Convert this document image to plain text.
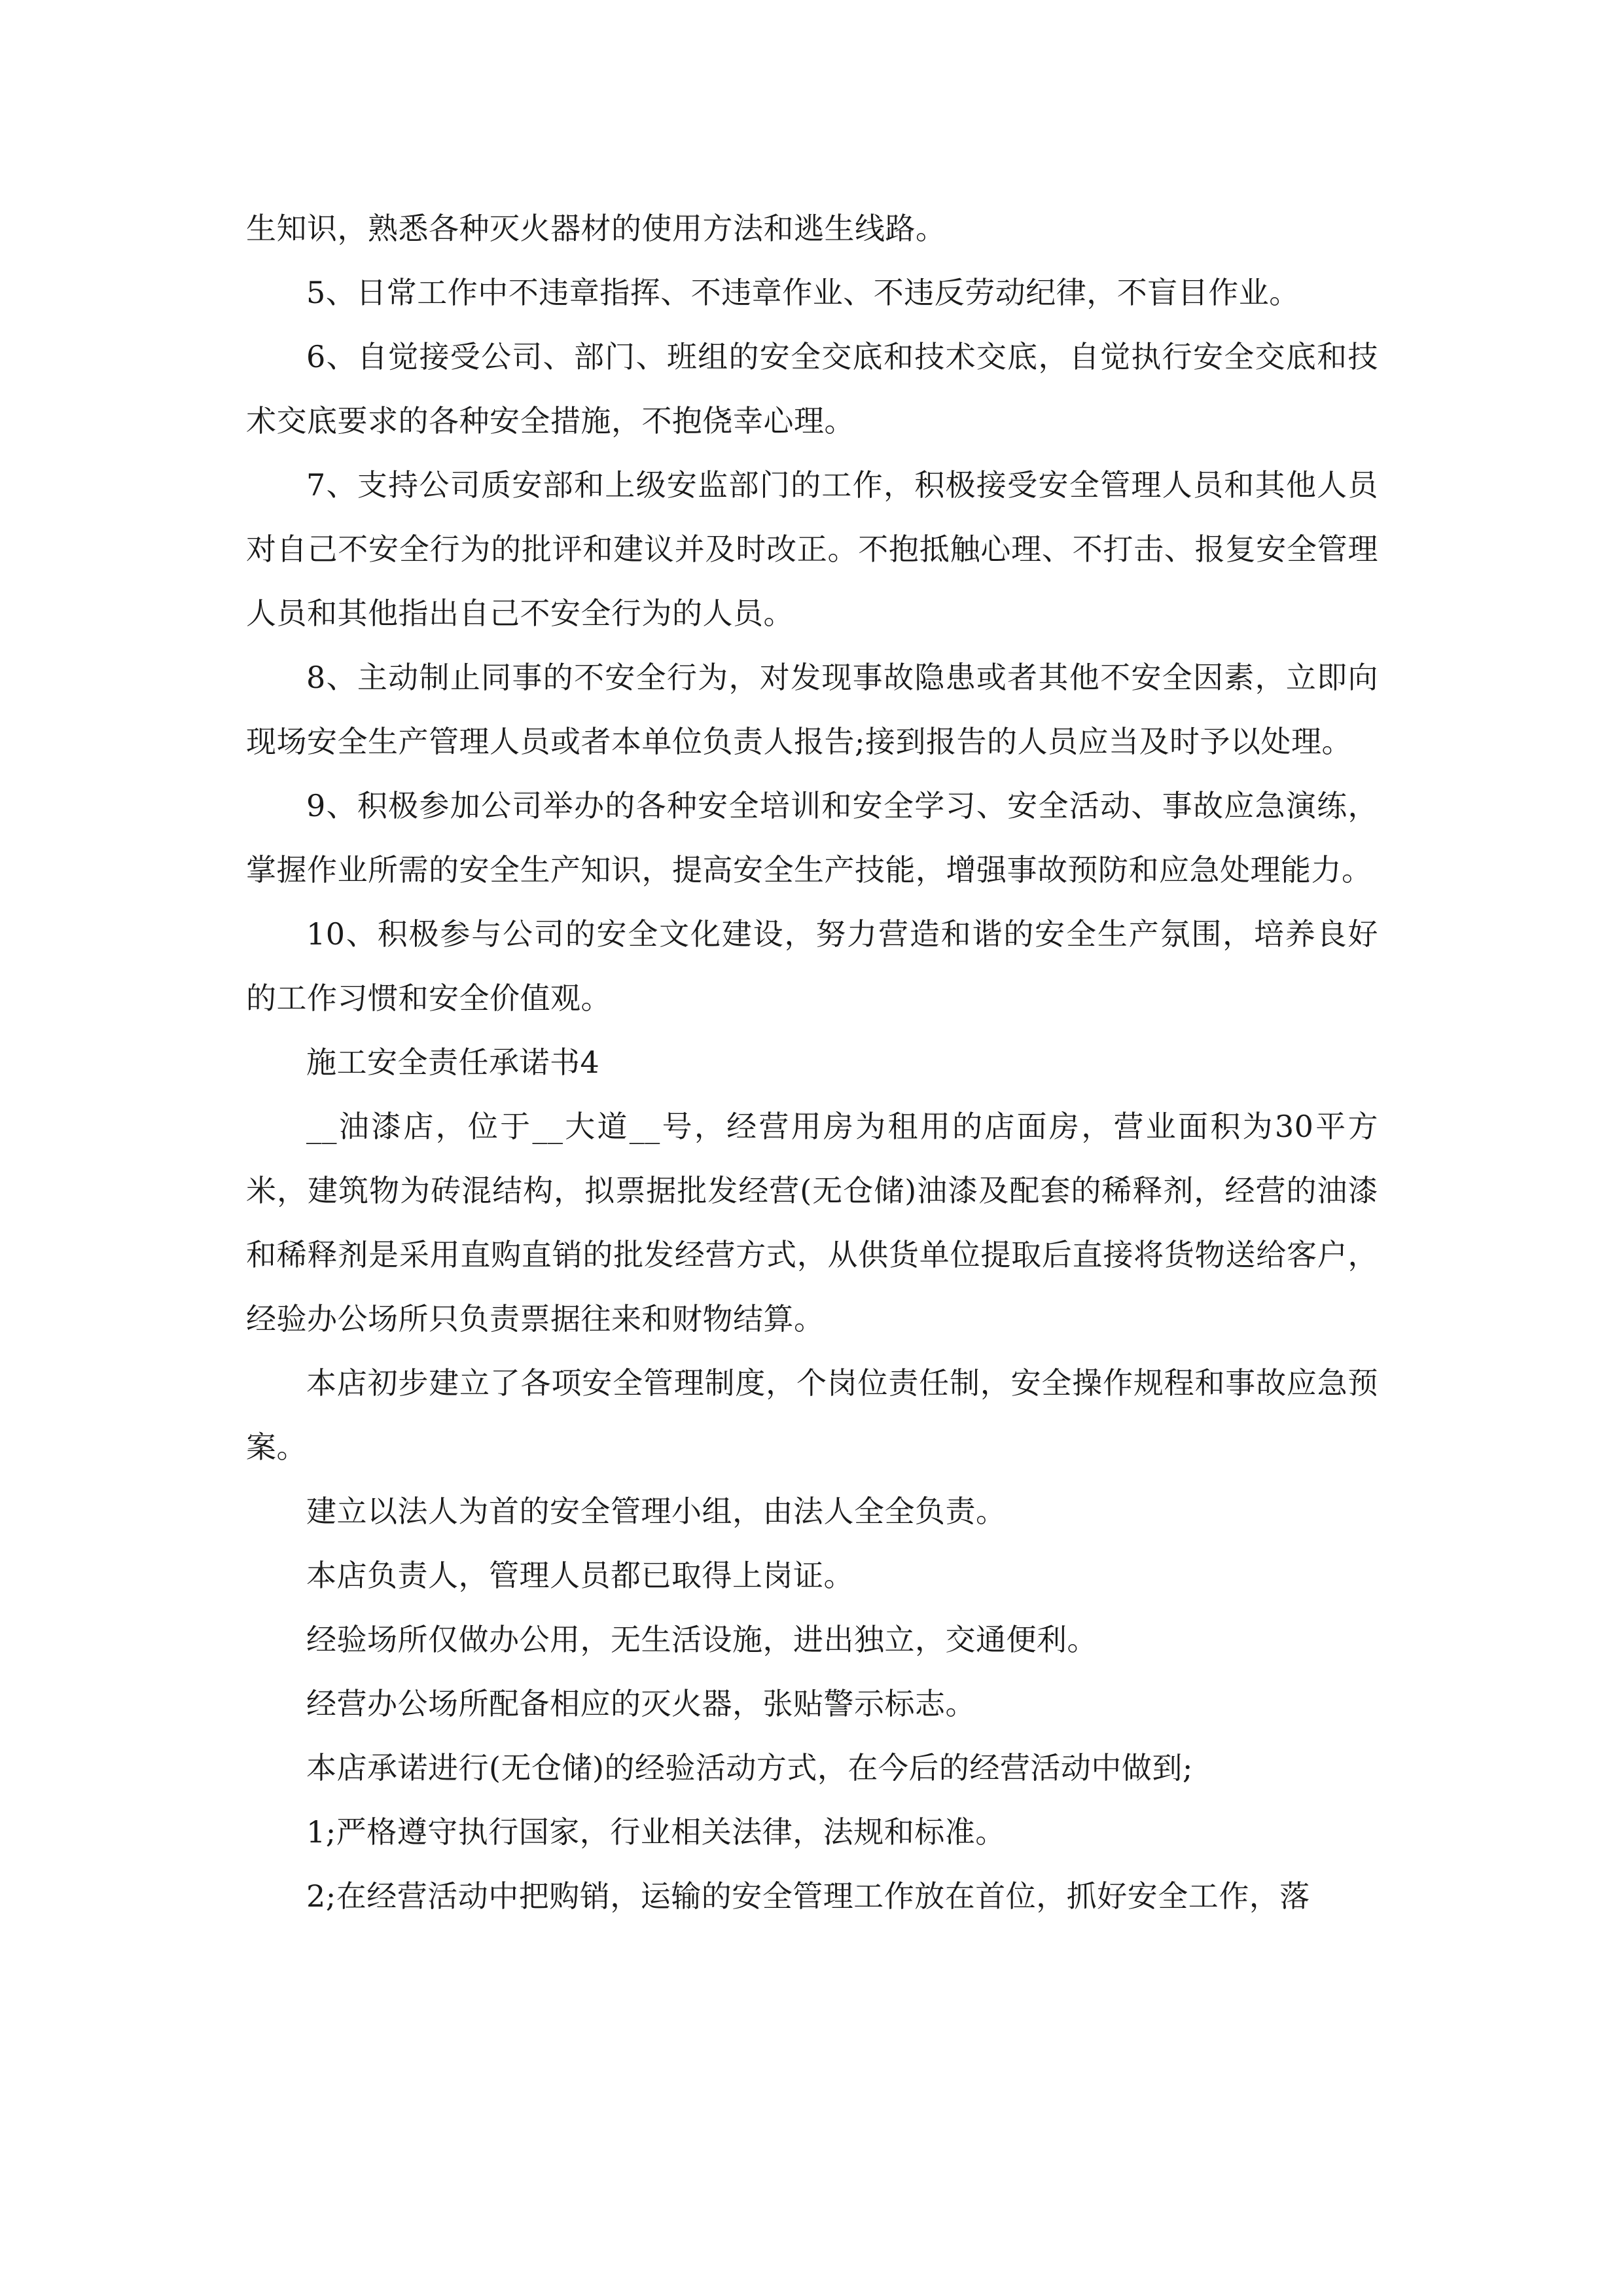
生知识，熟悉各种灭火器材的使用方法和逃生线路。

5、日常工作中不违章指挥、不违章作业、不违反劳动纪律，不盲目作业。

6、自觉接受公司、部门、班组的安全交底和技术交底，自觉执行安全交底和技术交底要求的各种安全措施，不抱侥幸心理。

7、支持公司质安部和上级安监部门的工作，积极接受安全管理人员和其他人员对自己不安全行为的批评和建议并及时改正。不抱抵触心理、不打击、报复安全管理人员和其他指出自己不安全行为的人员。

8、主动制止同事的不安全行为，对发现事故隐患或者其他不安全因素，立即向现场安全生产管理人员或者本单位负责人报告;接到报告的人员应当及时予以处理。

9、积极参加公司举办的各种安全培训和安全学习、安全活动、事故应急演练，掌握作业所需的安全生产知识，提高安全生产技能，增强事故预防和应急处理能力。

10、积极参与公司的安全文化建设，努力营造和谐的安全生产氛围，培养良好的工作习惯和安全价值观。

施工安全责任承诺书4

__油漆店，位于__大道__号，经营用房为租用的店面房，营业面积为30平方米，建筑物为砖混结构，拟票据批发经营(无仓储)油漆及配套的稀释剂，经营的油漆和稀释剂是采用直购直销的批发经营方式，从供货单位提取后直接将货物送给客户，经验办公场所只负责票据往来和财物结算。

本店初步建立了各项安全管理制度，个岗位责任制，安全操作规程和事故应急预案。

建立以法人为首的安全管理小组，由法人全全负责。

本店负责人，管理人员都已取得上岗证。

经验场所仅做办公用，无生活设施，进出独立，交通便利。

经营办公场所配备相应的灭火器，张贴警示标志。

本店承诺进行(无仓储)的经验活动方式，在今后的经营活动中做到;

1;严格遵守执行国家，行业相关法律，法规和标准。

2;在经营活动中把购销，运输的安全管理工作放在首位，抓好安全工作，落
